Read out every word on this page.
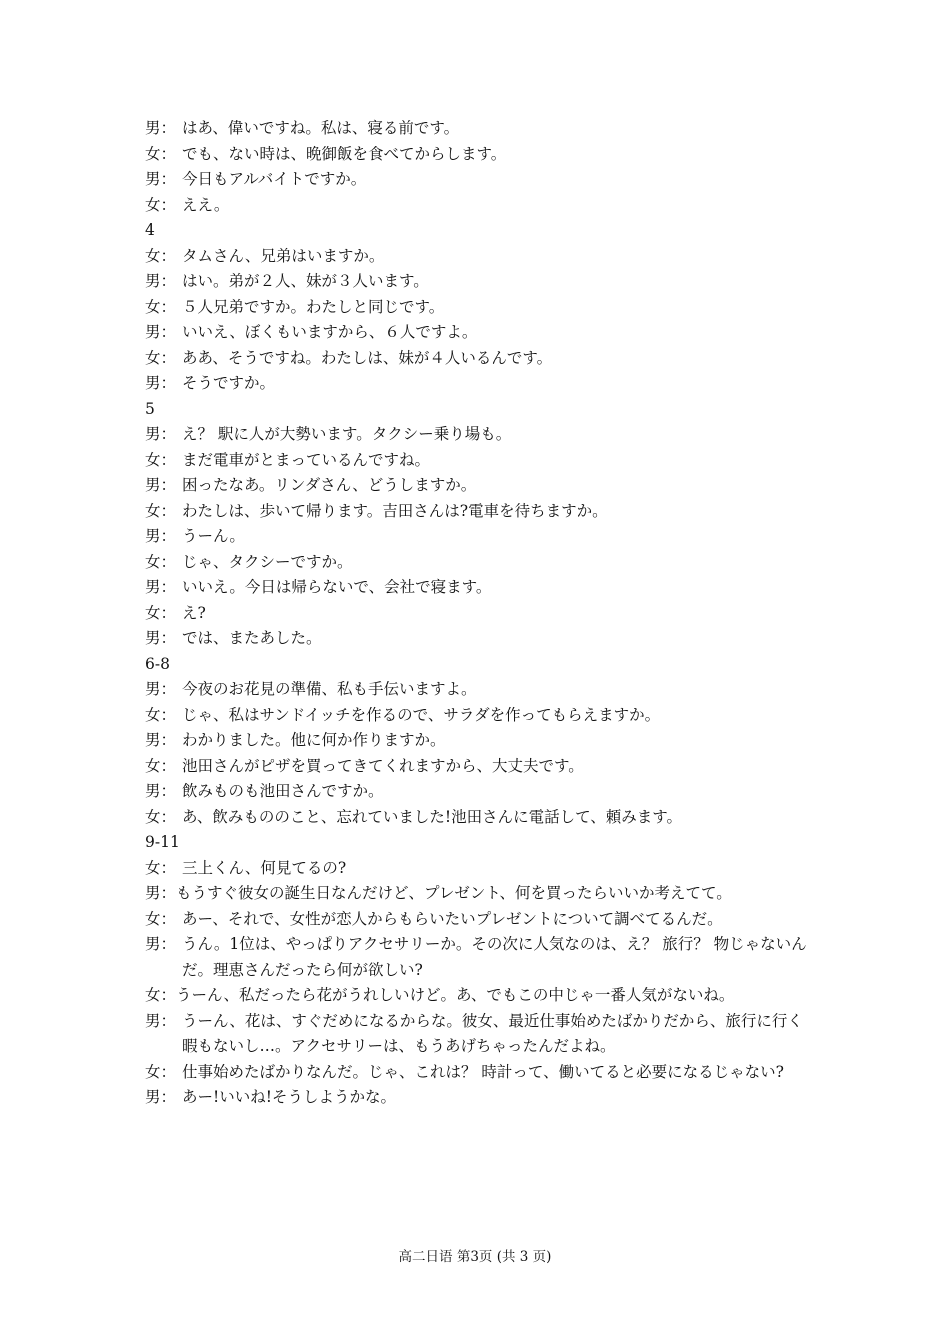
男： はあ、偉いですね。私は、寝る前です。
女： でも、ない時は、晩御飯を食べてからします。
男： 今日もアルバイトですか。
女： ええ。
4
女： タムさん、兄弟はいますか。
男： はい。弟が２人、妹が３人います。
女： ５人兄弟ですか。わたしと同じです。
男： いいえ、ぼくもいますから、６人ですよ。
女： ああ、そうですね。わたしは、妹が４人いるんです。
男： そうですか。
5
男： え？ 駅に人が大勢います。タクシー乗り場も。
女： まだ電車がとまっているんですね。
男： 困ったなあ。リンダさん、どうしますか。
女： わたしは、歩いて帰ります。吉田さんは?電車を待ちますか。
男： うーん。
女： じゃ、タクシーですか。
男： いいえ。今日は帰らないで、会社で寝ます。
女： え?
男： では、またあした。
6-8
男： 今夜のお花見の準備、私も手伝いますよ。
女： じゃ、私はサンドイッチを作るので、サラダを作ってもらえますか。
男： わかりました。他に何か作りますか。
女： 池田さんがピザを買ってきてくれますから、大丈夫です。
男： 飲みものも池田さんですか。
女： あ、飲みもののこと、忘れていました!池田さんに電話して、頼みます。
9-11
女： 三上くん、何見てるの?
男：もうすぐ彼女の誕生日なんだけど、プレゼント、何を買ったらいいか考えてて。
女： あー、それで、女性が恋人からもらいたいプレゼントについて調べてるんだ。
男： うん。1位は、やっぱりアクセサリーか。その次に人気なのは、え？ 旅行？ 物じゃないんだ。理恵さんだったら何が欲しい?
女：うーん、私だったら花がうれしいけど。あ、でもこの中じゃ一番人気がないね。
男： うーん、花は、すぐだめになるからな。彼女、最近仕事始めたばかりだから、旅行に行く暇もないし…。アクセサリーは、もうあげちゃったんだよね。
女： 仕事始めたばかりなんだ。じゃ、これは？ 時計って、働いてると必要になるじゃない?
男： あー!いいね!そうしようかな。
高二日语 第3页 (共 3 页)
